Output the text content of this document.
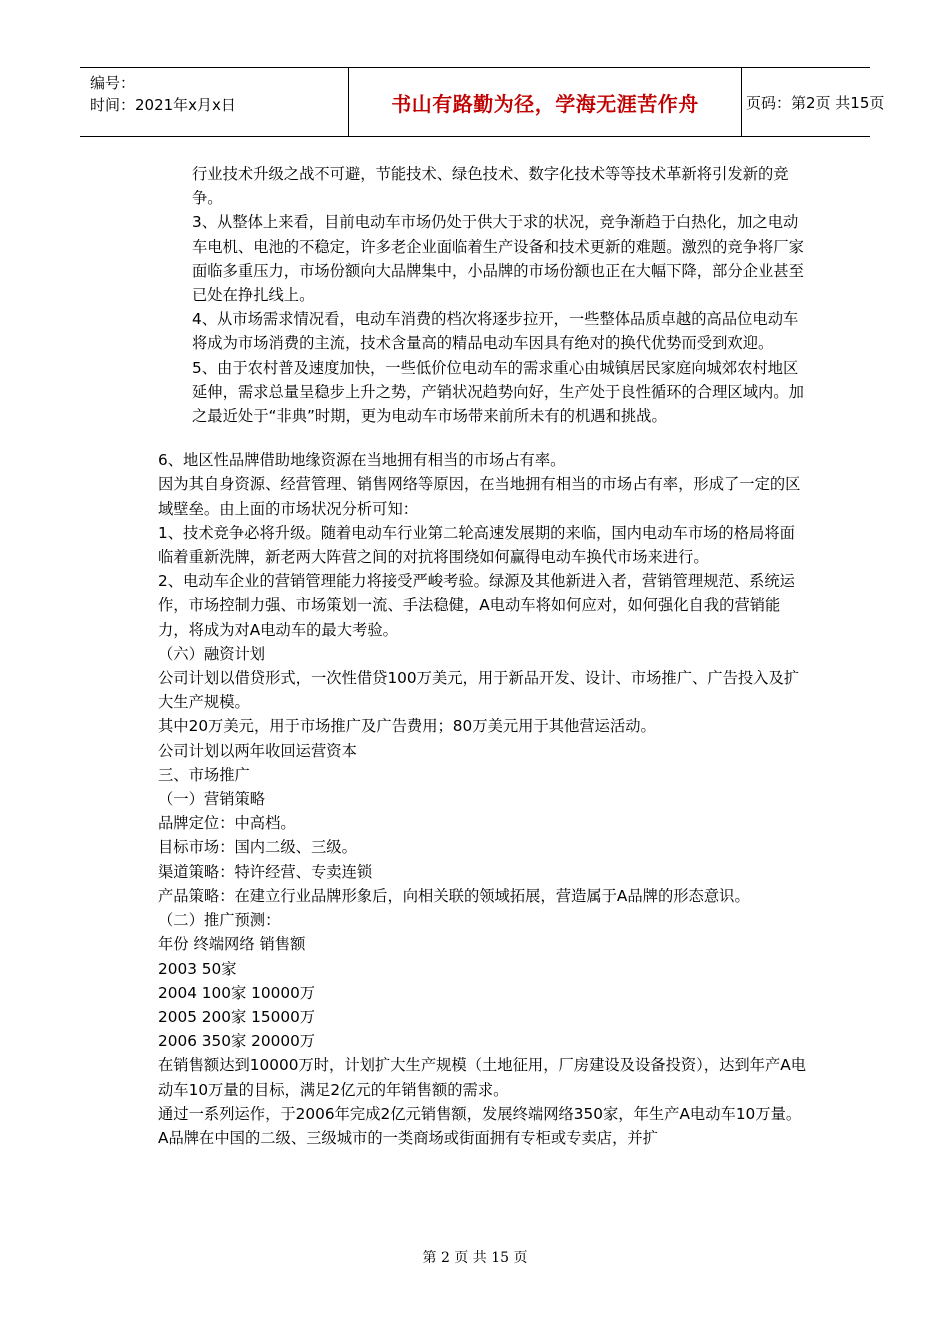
编号：
时间：2021年x月x日	书山有路勤为径，学海无涯苦作舟	页码：第2页 共15页

行业技术升级之战不可避，节能技术、绿色技术、数字化技术等等技术革新将引发新的竞争。

3、从整体上来看，目前电动车市场仍处于供大于求的状况，竞争渐趋于白热化，加之电动车电机、电池的不稳定，许多老企业面临着生产设备和技术更新的难题。激烈的竞争将厂家面临多重压力，市场份额向大品牌集中，小品牌的市场份额也正在大幅下降，部分企业甚至已处在挣扎线上。

4、从市场需求情况看，电动车消费的档次将逐步拉开，一些整体品质卓越的高品位电动车将成为市场消费的主流，技术含量高的精品电动车因具有绝对的换代优势而受到欢迎。

5、由于农村普及速度加快，一些低价位电动车的需求重心由城镇居民家庭向城郊农村地区延伸，需求总量呈稳步上升之势，产销状况趋势向好，生产处于良性循环的合理区域内。加之最近处于“非典”时期，更为电动车市场带来前所未有的机遇和挑战。

6、地区性品牌借助地缘资源在当地拥有相当的市场占有率。

因为其自身资源、经营管理、销售网络等原因，在当地拥有相当的市场占有率，形成了一定的区域壁垒。由上面的市场状况分析可知：

1、技术竞争必将升级。随着电动车行业第二轮高速发展期的来临，国内电动车市场的格局将面临着重新洗牌，新老两大阵营之间的对抗将围绕如何赢得电动车换代市场来进行。

2、电动车企业的营销管理能力将接受严峻考验。绿源及其他新进入者，营销管理规范、系统运作，市场控制力强、市场策划一流、手法稳健，A电动车将如何应对，如何强化自我的营销能力，将成为对A电动车的最大考验。

（六）融资计划

公司计划以借贷形式，一次性借贷100万美元，用于新品开发、设计、市场推广、广告投入及扩大生产规模。

其中20万美元，用于市场推广及广告费用；80万美元用于其他营运活动。

公司计划以两年收回运营资本

三、市场推广

（一）营销策略

品牌定位：中高档。

目标市场：国内二级、三级。

渠道策略：特许经营、专卖连锁

产品策略：在建立行业品牌形象后，向相关联的领域拓展，营造属于A品牌的形态意识。

（二）推广预测：

年份 终端网络 销售额

2003 50家

2004 100家 10000万

2005 200家 15000万

2006 350家 20000万

在销售额达到10000万时，计划扩大生产规模（土地征用，厂房建设及设备投资），达到年产A电动车10万量的目标，满足2亿元的年销售额的需求。

通过一系列运作，于2006年完成2亿元销售额，发展终端网络350家，年生产A电动车10万量。A品牌在中国的二级、三级城市的一类商场或街面拥有专柜或专卖店，并扩

第 2 页 共 15 页
